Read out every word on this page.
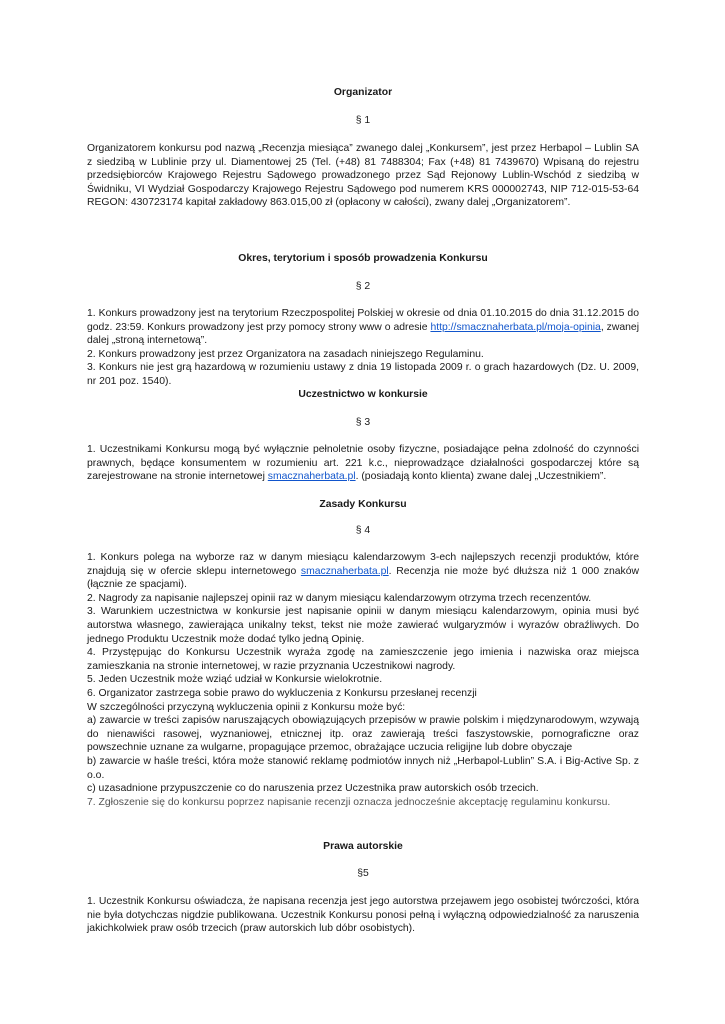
Organizator
§ 1

Organizatorem konkursu pod nazwą „Recenzja miesiąca” zwanego dalej „Konkursem”, jest przez Herbapol – Lublin SA z siedzibą w Lublinie przy ul. Diamentowej 25 (Tel. (+48) 81 7488304; Fax (+48) 81 7439670) Wpisaną do rejestru przedsiębiorców Krajowego Rejestru Sądowego prowadzonego przez Sąd Rejonowy Lublin-Wschód z siedzibą w Świdniku, VI Wydział Gospodarczy Krajowego Rejestru Sądowego pod numerem KRS 000002743, NIP 712-015-53-64 REGON: 430723174 kapitał zakładowy 863.015,00 zł (opłacony w całości), zwany dalej „Organizatorem”.

Okres, terytorium i sposób prowadzenia Konkursu
§ 2

1. Konkurs prowadzony jest na terytorium Rzeczpospolitej Polskiej w okresie od dnia 01.10.2015 do dnia 31.12.2015 do godz. 23:59. Konkurs prowadzony jest przy pomocy strony www o adresie http://smacznaherbata.pl/moja-opinia, zwanej dalej „stroną internetową”.

2. Konkurs prowadzony jest przez Organizatora na zasadach niniejszego Regulaminu.

3. Konkurs nie jest grą hazardową w rozumieniu ustawy z dnia 19 listopada 2009 r. o grach hazardowych (Dz. U. 2009, nr 201 poz. 1540).

Uczestnictwo w konkursie
§ 3

1. Uczestnikami Konkursu mogą być wyłącznie pełnoletnie osoby fizyczne, posiadające pełna zdolność do czynności prawnych, będące konsumentem w rozumieniu art. 221 k.c., nieprowadzące działalności gospodarczej które są zarejestrowane na stronie internetowej smacznaherbata.pl. (posiadają konto klienta) zwane dalej „Uczestnikiem”.

Zasady Konkursu
§ 4

1. Konkurs polega na wyborze raz w danym miesiącu kalendarzowym 3-ech najlepszych recenzji produktów, które znajdują się w ofercie sklepu internetowego smacznaherbata.pl. Recenzja nie może być dłuższa niż 1 000 znaków (łącznie ze spacjami).

2. Nagrody za napisanie najlepszej opinii raz w danym miesiącu kalendarzowym otrzyma trzech recenzentów.

3. Warunkiem uczestnictwa w konkursie jest napisanie opinii w danym miesiącu kalendarzowym, opinia musi być autorstwa własnego, zawierająca unikalny tekst, tekst nie może zawierać wulgaryzmów i wyrazów obraźliwych. Do jednego Produktu Uczestnik może dodać tylko jedną Opinię.

4. Przystępując do Konkursu Uczestnik wyraża zgodę na zamieszczenie jego imienia i nazwiska oraz miejsca zamieszkania na stronie internetowej, w razie przyznania Uczestnikowi nagrody.

5. Jeden Uczestnik może wziąć udział w Konkursie wielokrotnie.

6. Organizator zastrzega sobie prawo do wykluczenia z Konkursu przesłanej recenzji

W szczególności przyczyną wykluczenia opinii z Konkursu może być:

a) zawarcie w treści zapisów naruszających obowiązujących przepisów w prawie polskim i międzynarodowym, wzywają do nienawiści rasowej, wyznaniowej, etnicznej itp. oraz zawierają treści faszystowskie, pornograficzne oraz powszechnie uznane za wulgarne, propagujące przemoc, obrażające uczucia religijne lub dobre obyczaje

b) zawarcie w haśle treści, która może stanowić reklamę podmiotów innych niż „Herbapol-Lublin” S.A. i Big-Active Sp. z o.o.

c) uzasadnione przypuszczenie co do naruszenia przez Uczestnika praw autorskich osób trzecich.

7. Zgłoszenie się do konkursu poprzez napisanie recenzji oznacza jednocześnie akceptację regulaminu konkursu.

Prawa autorskie
§5

1. Uczestnik Konkursu oświadcza, że napisana recenzja jest jego autorstwa przejawem jego osobistej twórczości, która nie była dotychczas nigdzie publikowana. Uczestnik Konkursu ponosi pełną i wyłączną odpowiedzialność za naruszenia jakichkolwiek praw osób trzecich (praw autorskich lub dóbr osobistych).
